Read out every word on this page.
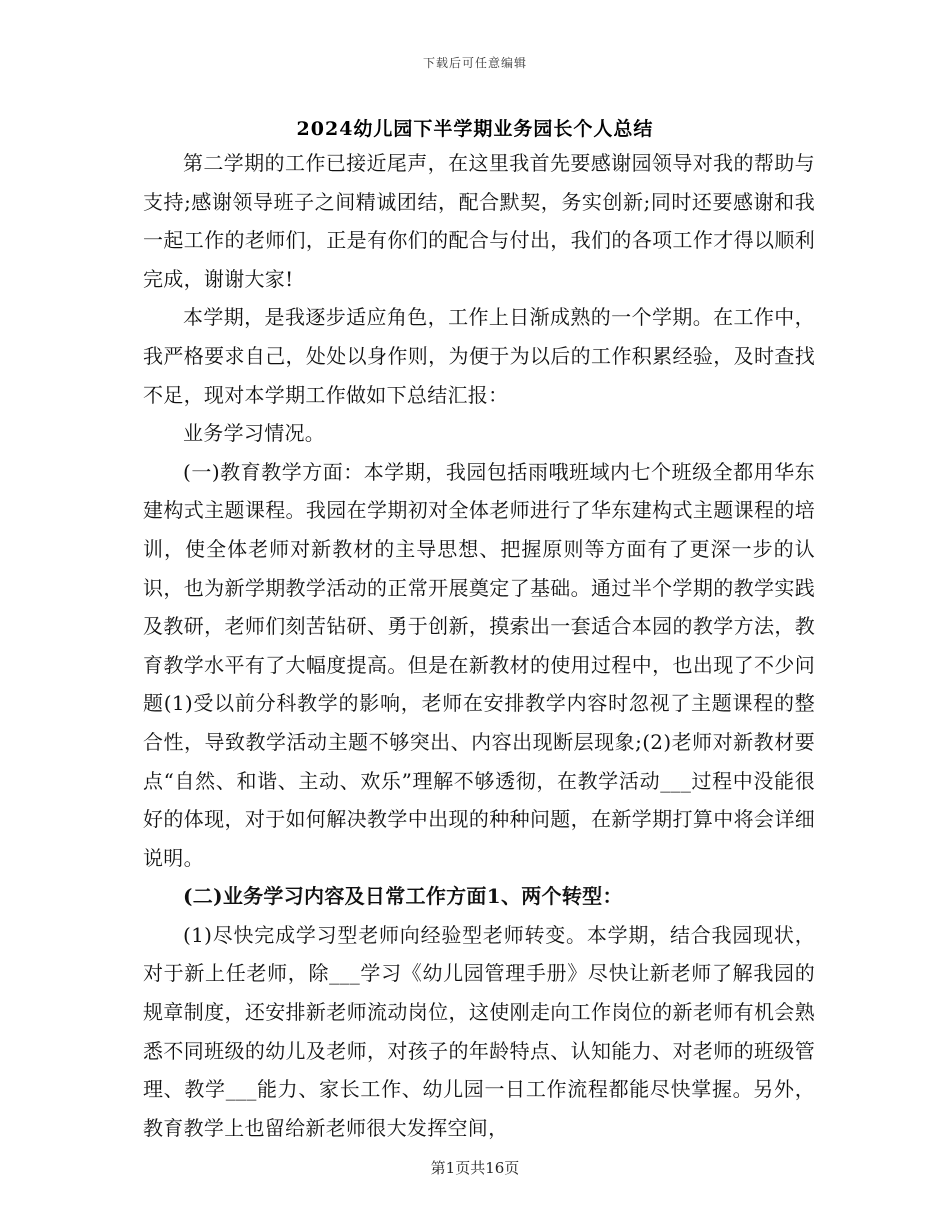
下载后可任意编辑
2024幼儿园下半学期业务园长个人总结

第二学期的工作已接近尾声，在这里我首先要感谢园领导对我的帮助与支持;感谢领导班子之间精诚团结，配合默契，务实创新;同时还要感谢和我一起工作的老师们，正是有你们的配合与付出，我们的各项工作才得以顺利完成，谢谢大家!

本学期，是我逐步适应角色，工作上日渐成熟的一个学期。在工作中，我严格要求自己，处处以身作则，为便于为以后的工作积累经验，及时查找不足，现对本学期工作做如下总结汇报：

业务学习情况。

(一)教育教学方面：本学期，我园包括雨哦班域内七个班级全都用华东建构式主题课程。我园在学期初对全体老师进行了华东建构式主题课程的培训，使全体老师对新教材的主导思想、把握原则等方面有了更深一步的认识，也为新学期教学活动的正常开展奠定了基础。通过半个学期的教学实践及教研，老师们刻苦钻研、勇于创新，摸索出一套适合本园的教学方法，教育教学水平有了大幅度提高。但是在新教材的使用过程中，也出现了不少问题(1)受以前分科教学的影响，老师在安排教学内容时忽视了主题课程的整合性，导致教学活动主题不够突出、内容出现断层现象;(2)老师对新教材要点“自然、和谐、主动、欢乐”理解不够透彻，在教学活动___过程中没能很好的体现，对于如何解决教学中出现的种种问题，在新学期打算中将会详细说明。

(二)业务学习内容及日常工作方面1、两个转型：

(1)尽快完成学习型老师向经验型老师转变。本学期，结合我园现状，对于新上任老师，除___学习《幼儿园管理手册》尽快让新老师了解我园的规章制度，还安排新老师流动岗位，这使刚走向工作岗位的新老师有机会熟悉不同班级的幼儿及老师，对孩子的年龄特点、认知能力、对老师的班级管理、教学___能力、家长工作、幼儿园一日工作流程都能尽快掌握。另外，教育教学上也留给新老师很大发挥空间，

第1页共16页
